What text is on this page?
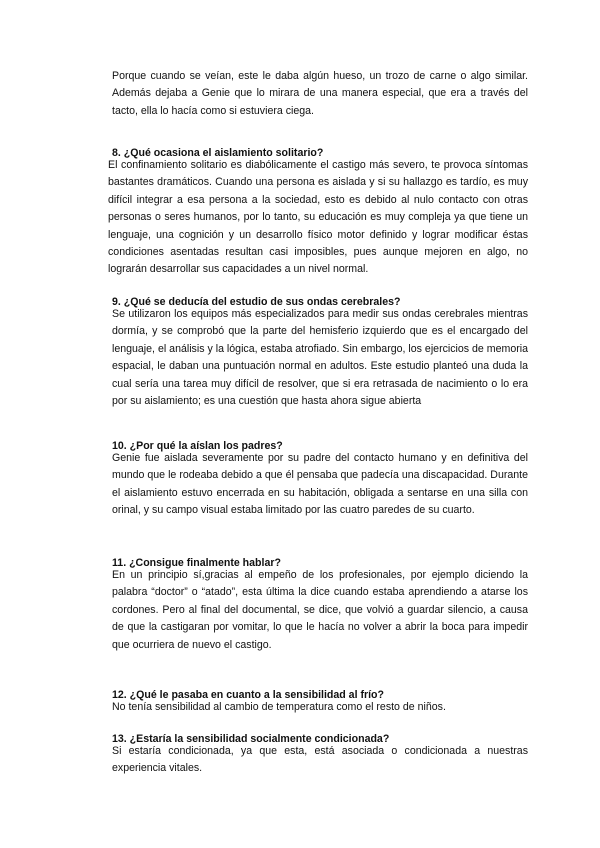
Porque cuando se veían, este le daba algún hueso, un trozo de carne o algo similar. Además dejaba a Genie que lo mirara de una manera especial, que era a través del tacto, ella lo hacía como si estuviera ciega.

8. ¿Qué ocasiona el aislamiento solitario?

El confinamiento solitario es diabólicamente el castigo más severo, te provoca síntomas bastantes dramáticos. Cuando una persona es aislada y si su hallazgo es tardío, es muy difícil integrar a esa persona a la sociedad, esto es debido al nulo contacto con otras personas o seres humanos, por lo tanto, su educación es muy compleja ya que tiene un lenguaje, una cognición y un desarrollo físico motor definido y lograr modificar éstas condiciones asentadas resultan casi imposibles, pues aunque mejoren en algo, no lograrán desarrollar sus capacidades a un nivel normal.

9. ¿Qué se deducía del estudio de sus ondas cerebrales?

Se utilizaron los equipos más especializados para medir sus ondas cerebrales mientras dormía, y se comprobó que la parte del hemisferio izquierdo que es el encargado del lenguaje, el análisis y la lógica, estaba atrofiado. Sin embargo, los ejercicios de memoria espacial, le daban una puntuación normal en adultos. Este estudio planteó una duda la cual sería una tarea muy difícil de resolver, que si era retrasada de nacimiento o lo era por su aislamiento; es una cuestión que hasta ahora sigue abierta

10. ¿Por qué la aíslan los padres?

Genie fue aislada severamente por su padre del contacto humano y en definitiva del mundo que le rodeaba debido a que él pensaba que padecía una discapacidad. Durante el aislamiento estuvo encerrada en su habitación, obligada a sentarse en una silla con orinal, y su campo visual estaba limitado por las cuatro paredes de su cuarto.

11. ¿Consigue finalmente hablar?

En un principio sí,gracias al empeño de los profesionales, por ejemplo diciendo la palabra “doctor” o “atado”, esta última la dice cuando estaba aprendiendo a atarse los cordones. Pero al final del documental, se dice, que volvió a guardar silencio, a causa de que la castigaran por vomitar, lo que le hacía no volver a abrir la boca para impedir que ocurriera de nuevo el castigo.

12. ¿Qué le pasaba en cuanto a la sensibilidad al frío?

No tenía sensibilidad al cambio de temperatura como el resto de niños.

13. ¿Estaría la sensibilidad socialmente condicionada?

Si estaría condicionada, ya que esta, está asociada o condicionada a nuestras experiencia vitales.
